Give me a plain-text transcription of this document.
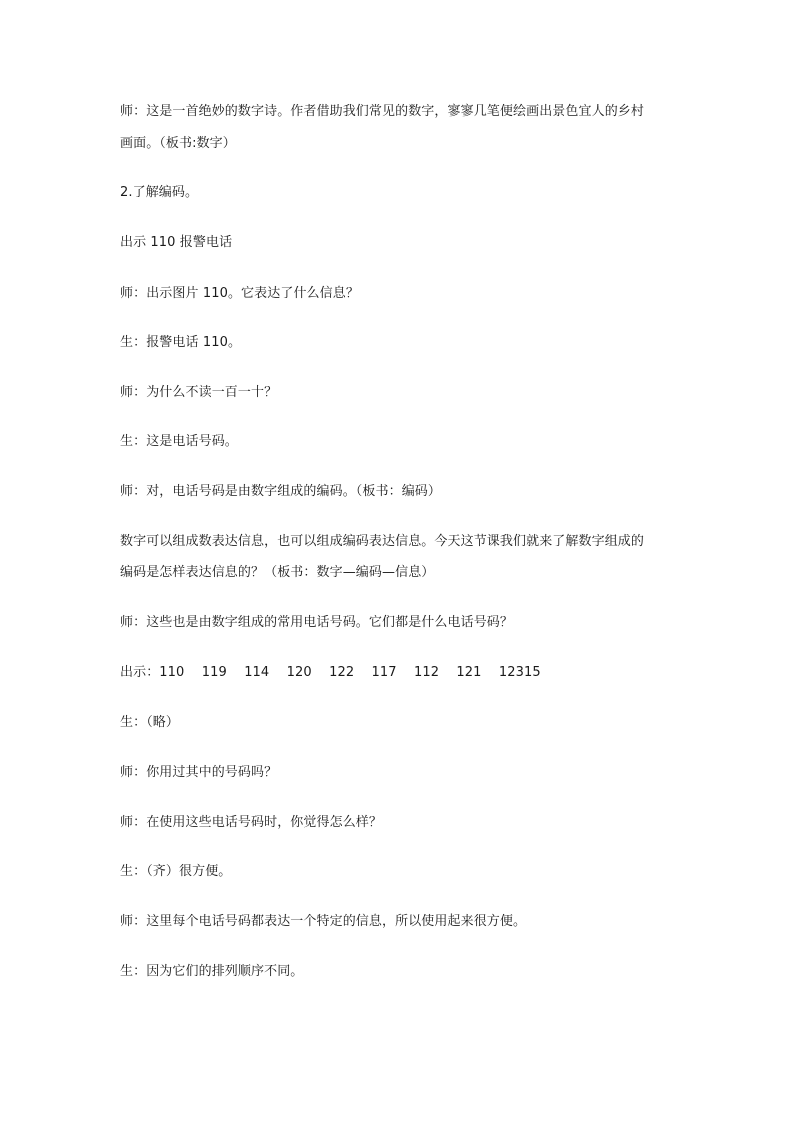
师：这是一首绝妙的数字诗。作者借助我们常见的数字，寥寥几笔便绘画出景色宜人的乡村
画面。（板书:数字）
2.了解编码。
出示 110 报警电话
师：出示图片 110。它表达了什么信息？
生：报警电话 110。
师：为什么不读一百一十？
生：这是电话号码。
师：对，电话号码是由数字组成的编码。（板书：编码）
数字可以组成数表达信息，也可以组成编码表达信息。今天这节课我们就来了解数字组成的
编码是怎样表达信息的？（板书：数字—编码—信息）
师：这些也是由数字组成的常用电话号码。它们都是什么电话号码？
出示：110　 119　 114　 120　 122　 117　 112　 121　 12315
生：（略）
师：你用过其中的号码吗？
师：在使用这些电话号码时，你觉得怎么样？
生：（齐）很方便。
师：这里每个电话号码都表达一个特定的信息，所以使用起来很方便。
生：因为它们的排列顺序不同。
